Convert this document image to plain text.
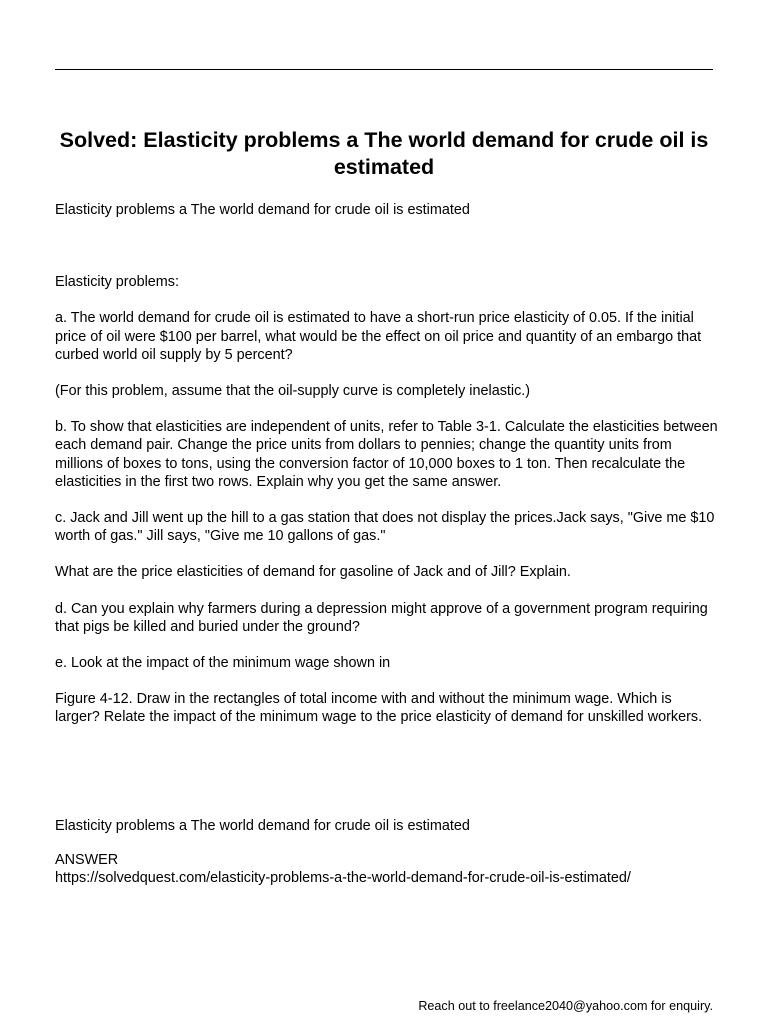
Solved: Elasticity problems a The world demand for crude oil is estimated

Elasticity problems a The world demand for crude oil is estimated

Elasticity problems:

a. The world demand for crude oil is estimated to have a short-run price elasticity of 0.05. If the initial price of oil were $100 per barrel, what would be the effect on oil price and quantity of an embargo that curbed world oil supply by 5 percent?

(For this problem, assume that the oil-supply curve is completely inelastic.)

b. To show that elasticities are independent of units, refer to Table 3-1. Calculate the elasticities between each demand pair. Change the price units from dollars to pennies; change the quantity units from millions of boxes to tons, using the conversion factor of 10,000 boxes to 1 ton. Then recalculate the elasticities in the first two rows. Explain why you get the same answer.

c. Jack and Jill went up the hill to a gas station that does not display the prices.Jack says, "Give me $10 worth of gas." Jill says, "Give me 10 gallons of gas."

What are the price elasticities of demand for gasoline of Jack and of Jill? Explain.

d. Can you explain why farmers during a depression might approve of a government program requiring that pigs be killed and buried under the ground?

e. Look at the impact of the minimum wage shown in

Figure 4-12. Draw in the rectangles of total income with and without the minimum wage. Which is larger? Relate the impact of the minimum wage to the price elasticity of demand for unskilled workers.

Elasticity problems a The world demand for crude oil is estimated

ANSWER

https://solvedquest.com/elasticity-problems-a-the-world-demand-for-crude-oil-is-estimated/

Reach out to freelance2040@yahoo.com for enquiry.
